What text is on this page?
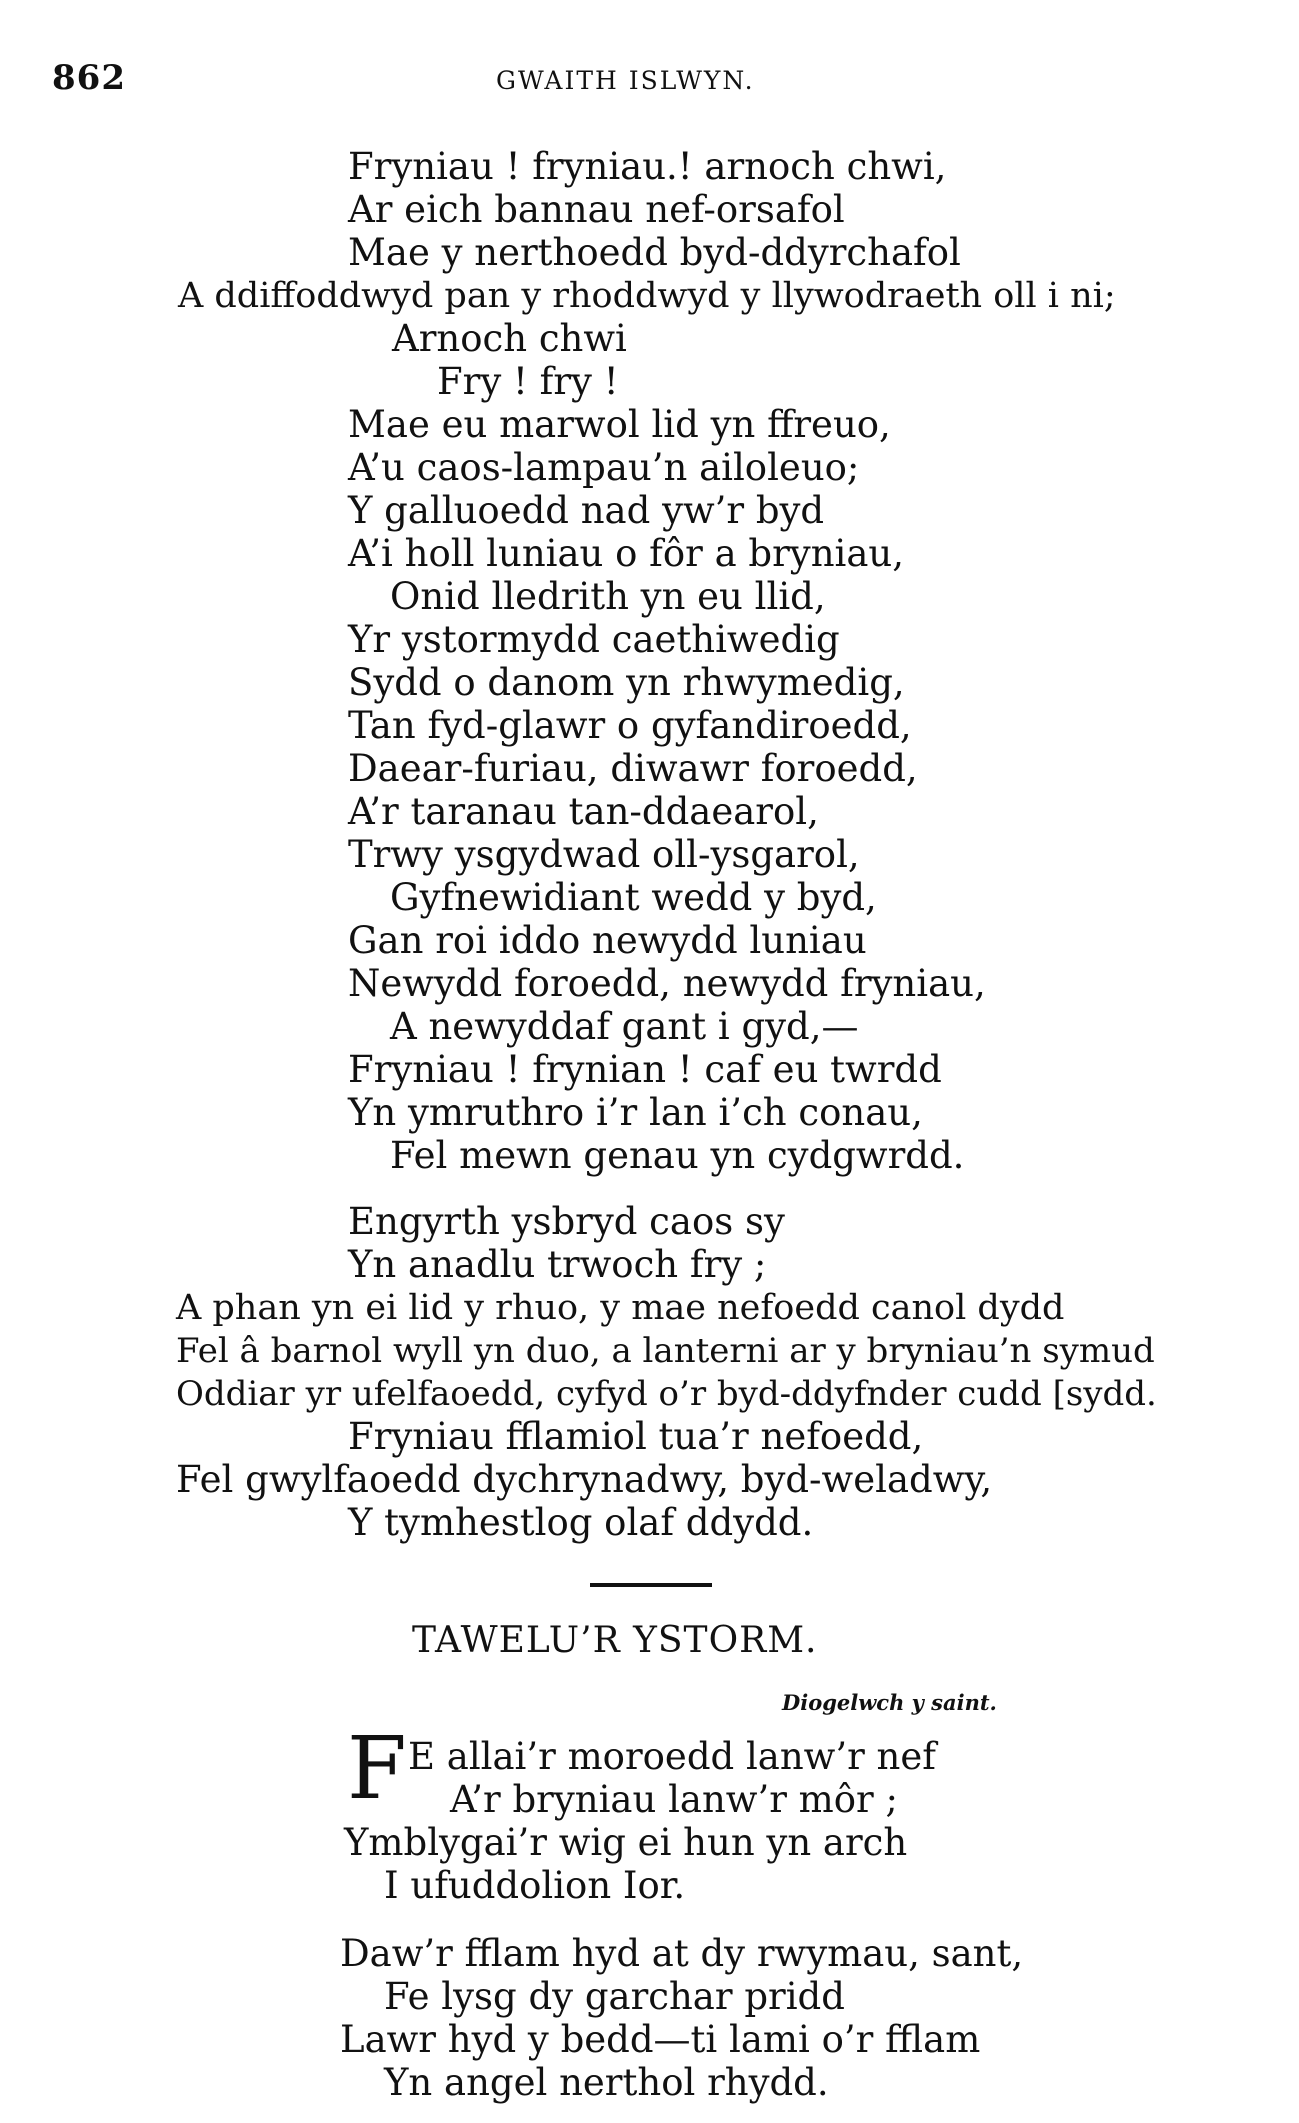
862	GWAITH ISLWYN.
Fryniau ! fryniau.! arnoch chwi,
Ar eich bannau nef-orsafol
Mae y nerthoedd byd-ddyrchafol
A ddiffoddwyd pan y rhoddwyd y llywodraeth oll i ni;
Arnoch chwi
Fry ! fry !
Mae eu marwol lid yn ffreuo,
A’u caos-lampau’n ailoleuo;
Y galluoedd nad yw’r byd
A’i holl luniau o fôr a bryniau,
Onid lledrith yn eu llid,
Yr ystormydd caethiwedig
Sydd o danom yn rhwymedig,
Tan fyd-glawr o gyfandiroedd,
Daear-furiau, diwawr foroedd,
A’r taranau tan-ddaearol,
Trwy ysgydwad oll-ysgarol,
Gyfnewidiant wedd y byd,
Gan roi iddo newydd luniau
Newydd foroedd, newydd fryniau,
A newyddaf gant i gyd,—
Fryniau ! frynian ! caf eu twrdd
Yn ymruthro i’r lan i’ch conau,
Fel mewn genau yn cydgwrdd.
Engyrth ysbryd caos sy
Yn anadlu trwoch fry ;
A phan yn ei lid y rhuo, y mae nefoedd canol dydd
Fel â barnol wyll yn duo, a lanterni ar y bryniau’n symud
Oddiar yr ufelfaoedd, cyfyd o’r byd-ddyfnder cudd [sydd.
Fryniau fflamiol tua’r nefoedd,
Fel gwylfaoedd dychrynadwy, byd-weladwy,
Y tymhestlog olaf ddydd.
TAWELU’R YSTORM.
Diogelwch y saint.
F E allai’r moroedd lanw’r nef
A’r bryniau lanw’r môr ;
Ymblygai’r wig ei hun yn arch
I ufuddolion Ior.
Daw’r fflam hyd at dy rwymau, sant,
Fe lysg dy garchar pridd
Lawr hyd y bedd—ti lami o’r fflam
Yn angel nerthol rhydd.
